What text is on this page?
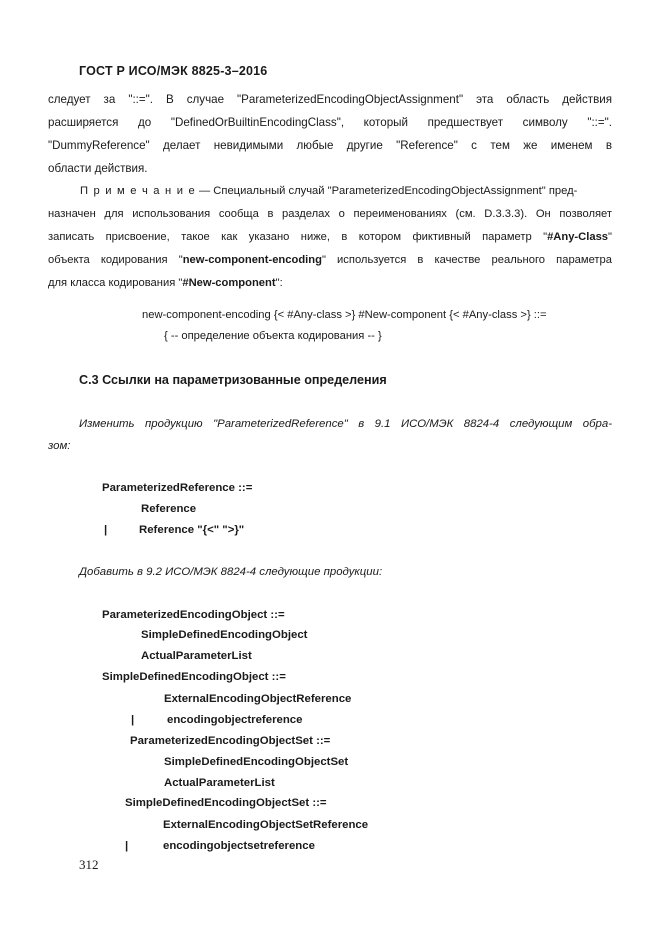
ГОСТ Р ИСО/МЭК 8825-3–2016
следует за "::=". В случае "ParameterizedEncodingObjectAssignment" эта область действия
расширяется до "DefinedOrBuiltinEncodingClass", который предшествует символу "::=".
"DummyReference" делает невидимыми любые другие "Reference" с тем же именем в
области действия.
П р и м е ч а н и е — Специальный случай "ParameterizedEncodingObjectAssignment" пред-
назначен для использования сообща в разделах о переименованиях (см. D.3.3.3). Он позволяет
записать присвоение, такое как указано ниже, в котором фиктивный параметр "#Any-Class"
объекта кодирования "new-component-encoding" используется в качестве реального параметра
для класса кодирования "#New-component":
new-component-encoding {< #Any-class >} #New-component {< #Any-class >} ::=
{ -- определение объекта кодирования -- }
C.3 Ссылки на параметризованные определения
Изменить продукцию "ParameterizedReference" в 9.1 ИСО/МЭК 8824-4 следующим обра-
зом:
ParameterizedReference ::=
Reference
|	Reference "{<" ">}"
Добавить в 9.2 ИСО/МЭК 8824-4 следующие продукции:
ParameterizedEncodingObject ::=
SimpleDefinedEncodingObject
ActualParameterList
SimpleDefinedEncodingObject ::=
ExternalEncodingObjectReference
|	encodingobjectreference
ParameterizedEncodingObjectSet ::=
SimpleDefinedEncodingObjectSet
ActualParameterList
SimpleDefinedEncodingObjectSet ::=
ExternalEncodingObjectSetReference
|	encodingobjectsetreference
312
